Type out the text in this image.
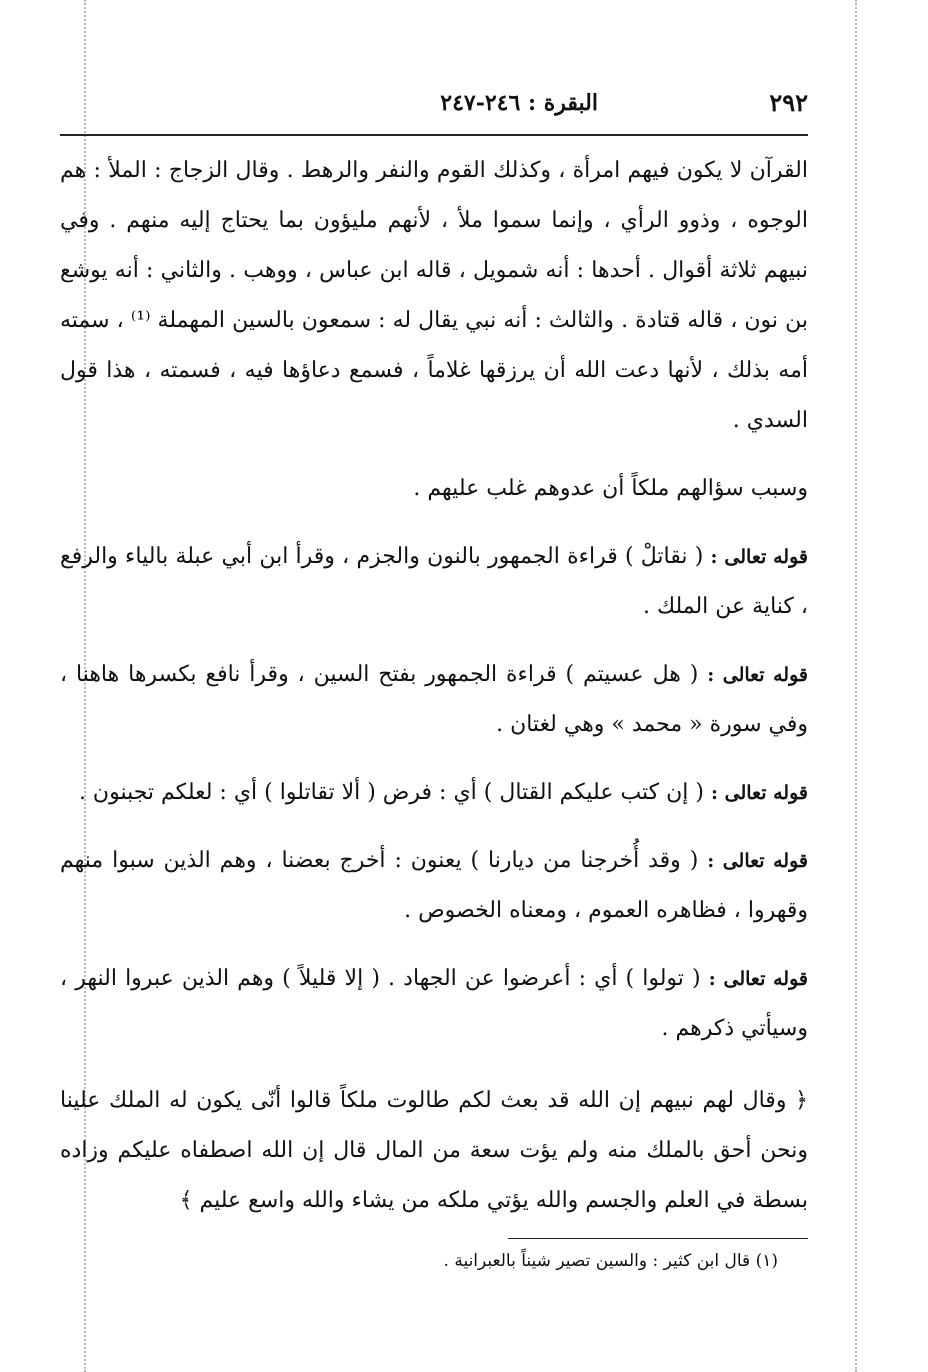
٢٩٢
البقرة : ٢٤٦-٢٤٧

القرآن لا يكون فيهم امرأة ، وكذلك القوم والنفر والرهط . وقال الزجاج : الملأ : هم الوجوه ، وذوو الرأي ، وإنما سموا ملأ ، لأنهم مليؤون بما يحتاج إليه منهم . وفي نبيهم ثلاثة أقوال . أحدها : أنه شمويل ، قاله ابن عباس ، ووهب . والثاني : أنه يوشع بن نون ، قاله قتادة . والثالث : أنه نبي يقال له : سمعون بالسين المهملة ⁽¹⁾ ، سمته أمه بذلك ، لأنها دعت الله أن يرزقها غلاماً ، فسمع دعاؤها فيه ، فسمته ، هذا قول السدي .

وسبب سؤالهم ملكاً أن عدوهم غلب عليهم .

قوله تعالى : ( نقاتلْ ) قراءة الجمهور بالنون والجزم ، وقرأ ابن أبي عبلة بالياء والرفع ، كناية عن الملك .

قوله تعالى : ( هل عسيتم ) قراءة الجمهور بفتح السين ، وقرأ نافع بكسرها هاهنا ، وفي سورة « محمد » وهي لغتان .

قوله تعالى : ( إن كتب عليكم القتال ) أي : فرض ( ألا تقاتلوا ) أي : لعلكم تجبنون .

قوله تعالى : ( وقد أُخرجنا من ديارنا ) يعنون : أخرج بعضنا ، وهم الذين سبوا منهم وقهروا ، فظاهره العموم ، ومعناه الخصوص .

قوله تعالى : ( تولوا ) أي : أعرضوا عن الجهاد . ( إلا قليلاً ) وهم الذين عبروا النهر ، وسيأتي ذكرهم .

﴿ وقال لهم نبيهم إن الله قد بعث لكم طالوت ملكاً قالوا أنّى يكون له الملك علينا ونحن أحق بالملك منه ولم يؤت سعة من المال قال إن الله اصطفاه عليكم وزاده بسطة في العلم والجسم والله يؤتي ملكه من يشاء والله واسع عليم ﴾

(١) قال ابن كثير : والسين تصير شيناً بالعبرانية .
